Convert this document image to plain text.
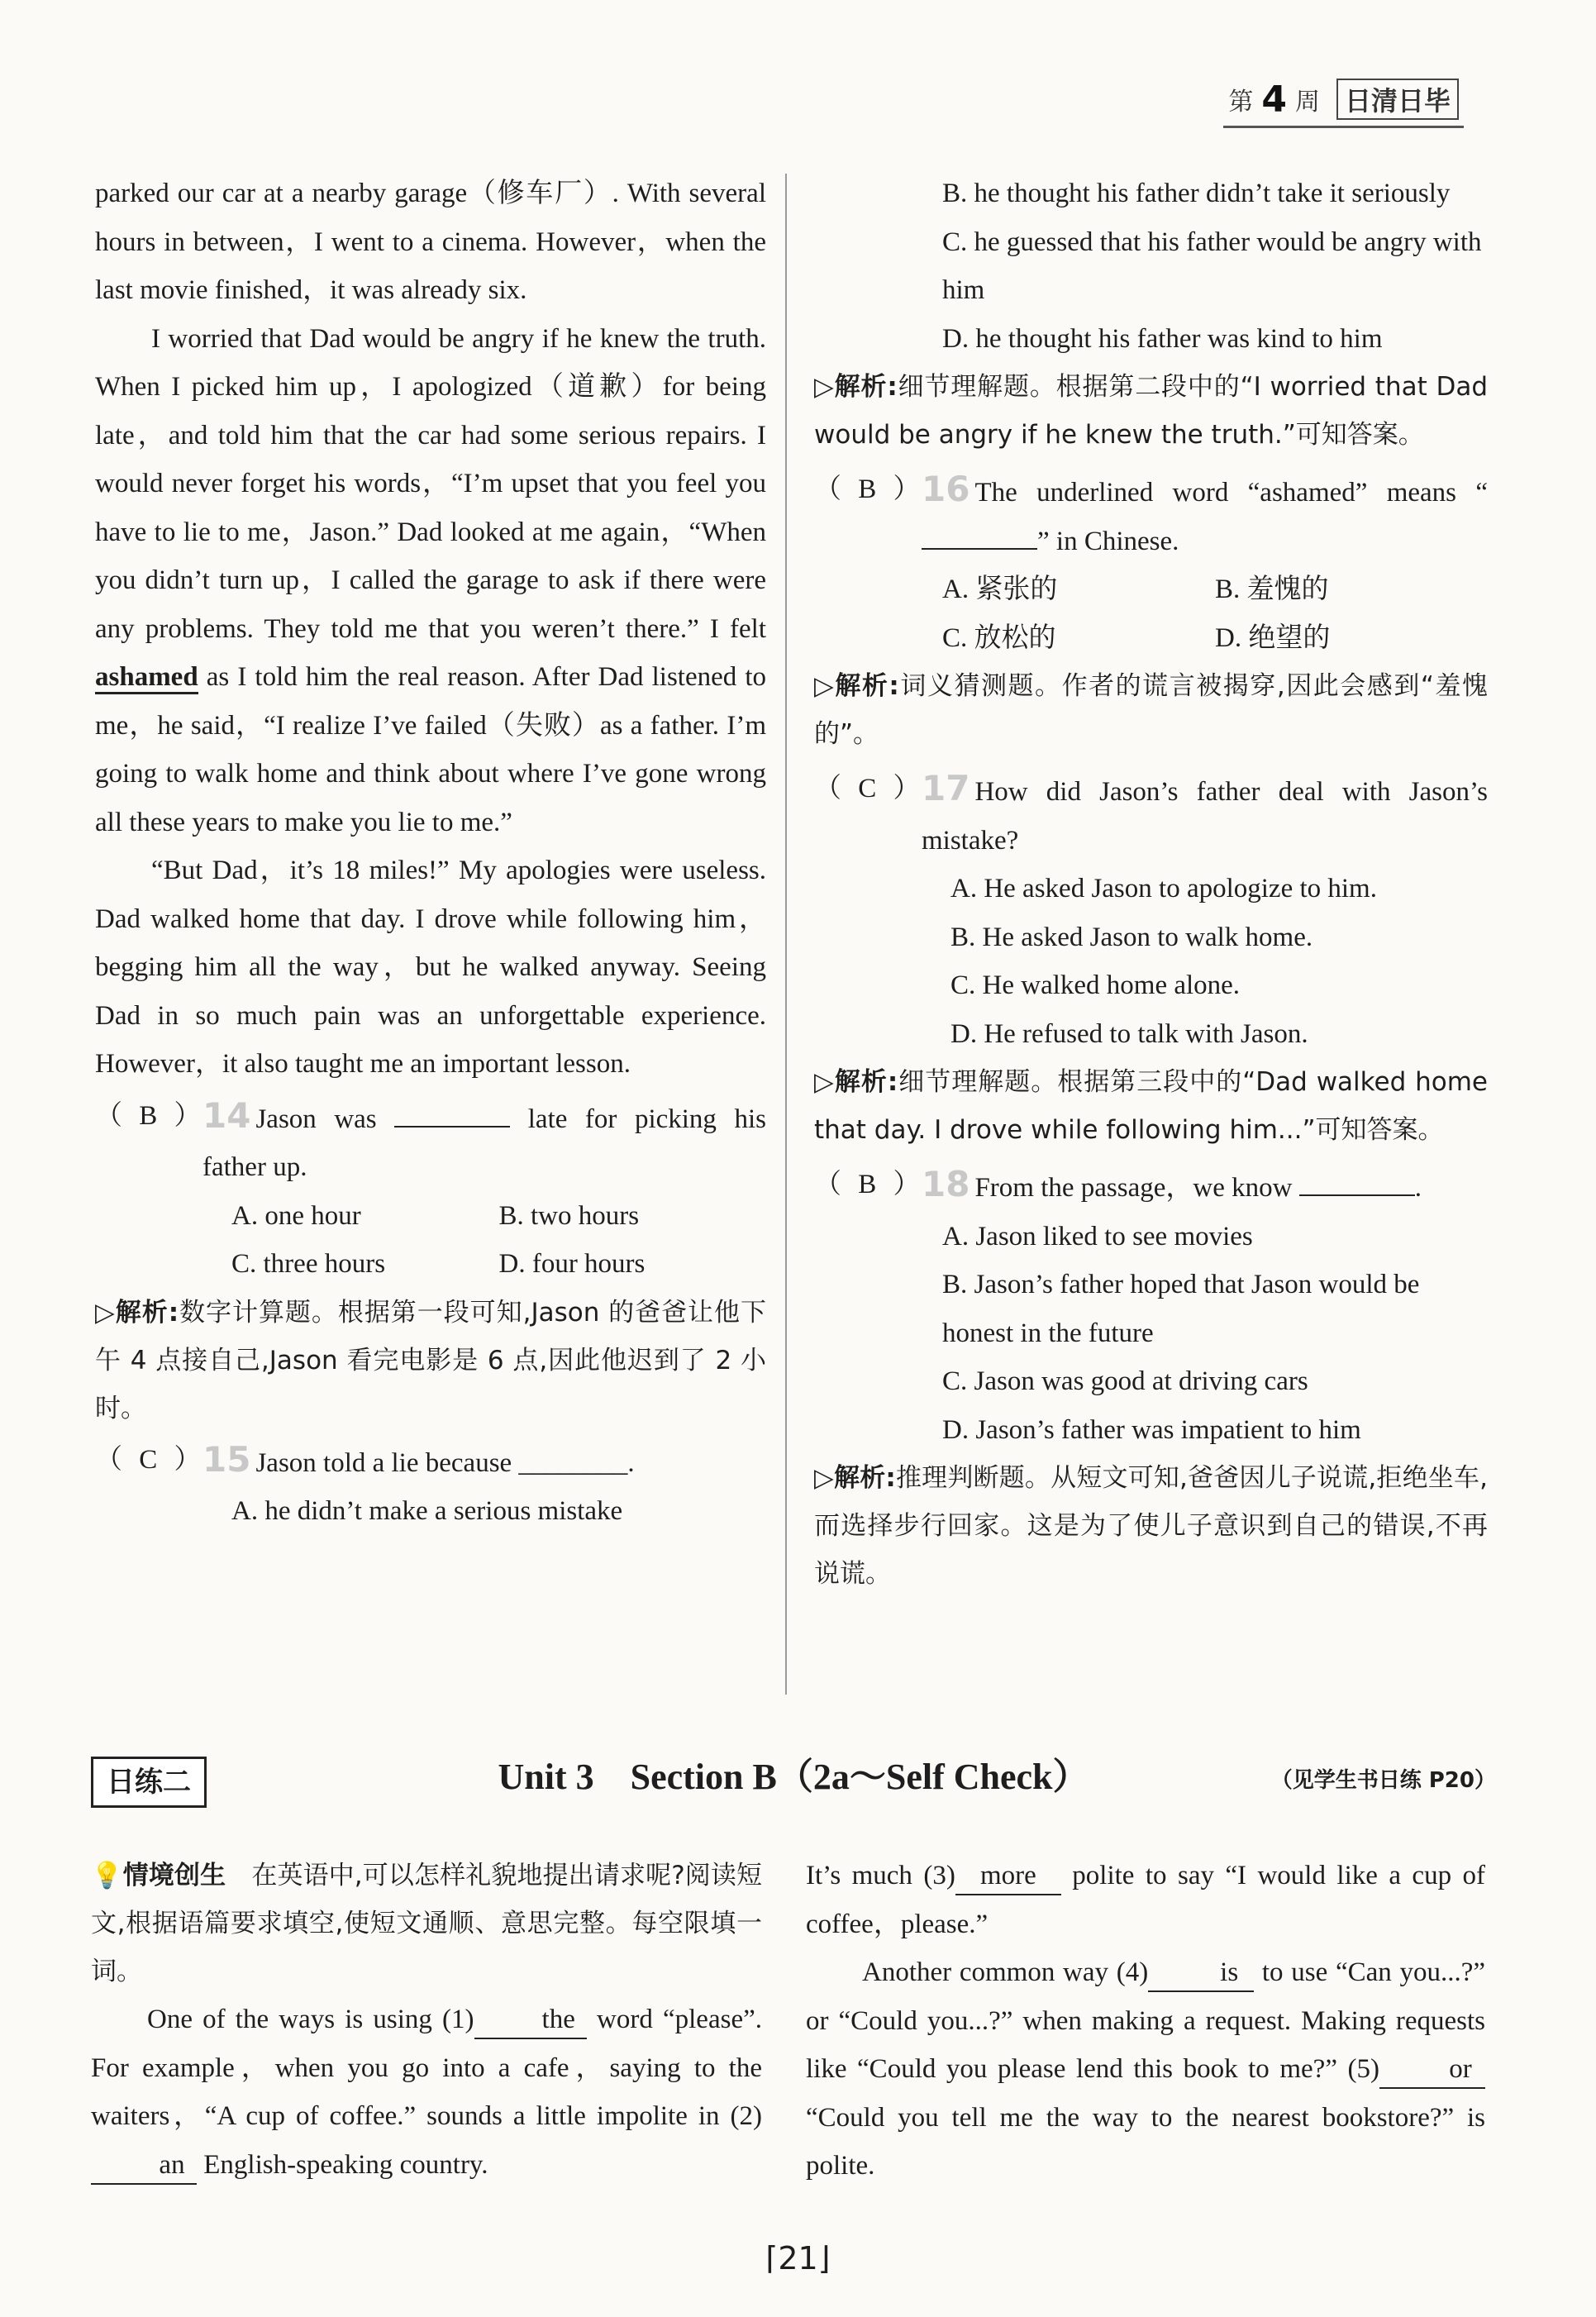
第 4 周 日清日毕

parked our car at a nearby garage（修车厂）. With several hours in between，I went to a cinema. However，when the last movie finished，it was already six.

I worried that Dad would be angry if he knew the truth. When I picked him up，I apologized（道歉）for being late，and told him that the car had some serious repairs. I would never forget his words，“I’m upset that you feel you have to lie to me，Jason.” Dad looked at me again，“When you didn’t turn up，I called the garage to ask if there were any problems. They told me that you weren’t there.” I felt ashamed as I told him the real reason. After Dad listened to me，he said，“I realize I’ve failed（失败）as a father. I’m going to walk home and think about where I’ve gone wrong all these years to make you lie to me.”

“But Dad，it’s 18 miles!” My apologies were useless. Dad walked home that day. I drove while following him，begging him all the way，but he walked anyway. Seeing Dad in so much pain was an unforgettable experience. However，it also taught me an important lesson.

（ B ）
14 Jason was	late for picking his father up.
A. one hour	B. two hours
C. three hours	D. four hours
▷解析:数字计算题。根据第一段可知,Jason 的爸爸让他下午 4 点接自己,Jason 看完电影是 6 点,因此他迟到了 2 小时。
（ C ）
15 Jason told a lie because ________.
A. he didn’t make a serious mistake
B. he thought his father didn’t take it seriously
C. he guessed that his father would be angry with him
D. he thought his father was kind to him
▷解析:细节理解题。根据第二段中的“I worried that Dad would be angry if he knew the truth.”可知答案。
（ B ）
16 The underlined word “ashamed” means “” in Chinese.
A. 紧张的	B. 羞愧的
C. 放松的	D. 绝望的
▷解析:词义猜测题。作者的谎言被揭穿,因此会感到“羞愧的”。
（ C ）
17 How did Jason’s father deal with Jason’s mistake?
A. He asked Jason to apologize to him.
B. He asked Jason to walk home.
C. He walked home alone.
D. He refused to talk with Jason.
▷解析:细节理解题。根据第三段中的“Dad walked home that day. I drove while following him...”可知答案。
（ B ）
18 From the passage，we know	.
A. Jason liked to see movies
B. Jason’s father hoped that Jason would be honest in the future
C. Jason was good at driving cars
D. Jason’s father was impatient to him
▷解析:推理判断题。从短文可知,爸爸因儿子说谎,拒绝坐车,而选择步行回家。这是为了使儿子意识到自己的错误,不再说谎。
Unit 3　Section B（2a～Self Check）
日练二	（见学生书日练 P20）

💡情境创生　 在英语中,可以怎样礼貌地提出请求呢?阅读短文,根据语篇要求填空,使短文通顺、意思完整。每空限填一词。

One of the ways is using (1) the word “please”. For example，when you go into a cafe，saying to the waiters，“A cup of coffee.” sounds a little impolite in (2)an English-speaking country.

It’s much (3) more polite to say “I would like a cup of coffee，please.”

Another common way (4)	is to use “Can you...?” or “Could you...?” when making a request. Making requests like “Could you please lend this book to me?” (5)	or “Could you tell me the way to the nearest bookstore?” is polite.

⌈21⌋
